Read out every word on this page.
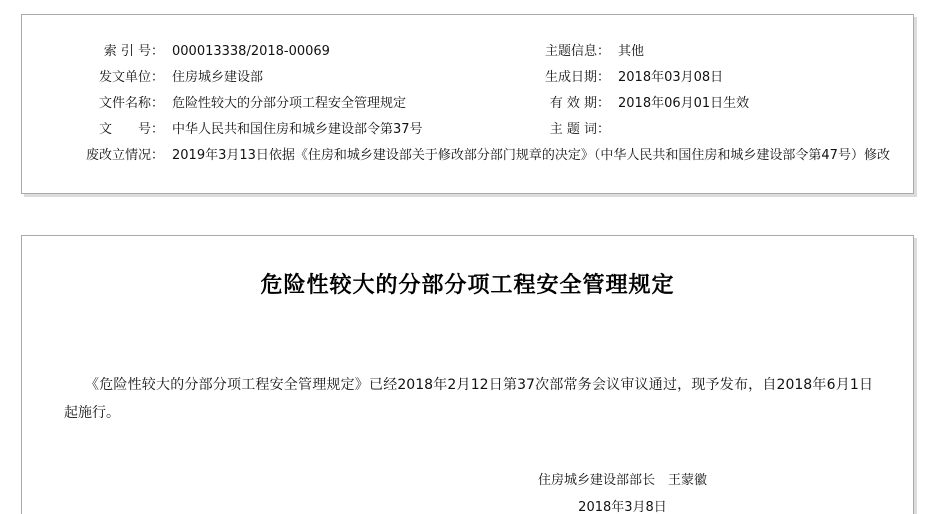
索 引 号： 000013338/2018-00069	主题信息： 其他
发文单位： 住房城乡建设部	生成日期： 2018年03月08日
文件名称： 危险性较大的分部分项工程安全管理规定	有 效 期： 2018年06月01日生效
文　　号： 中华人民共和国住房和城乡建设部令第37号	主 题 词：
废改立情况： 2019年3月13日依据《住房和城乡建设部关于修改部分部门规章的决定》（中华人民共和国住房和城乡建设部令第47号）修改
危险性较大的分部分项工程安全管理规定

《危险性较大的分部分项工程安全管理规定》已经2018年2月12日第37次部常务会议审议通过，现予发布，自2018年6月1日起施行。

住房城乡建设部部长　王蒙徽
2018年3月8日
